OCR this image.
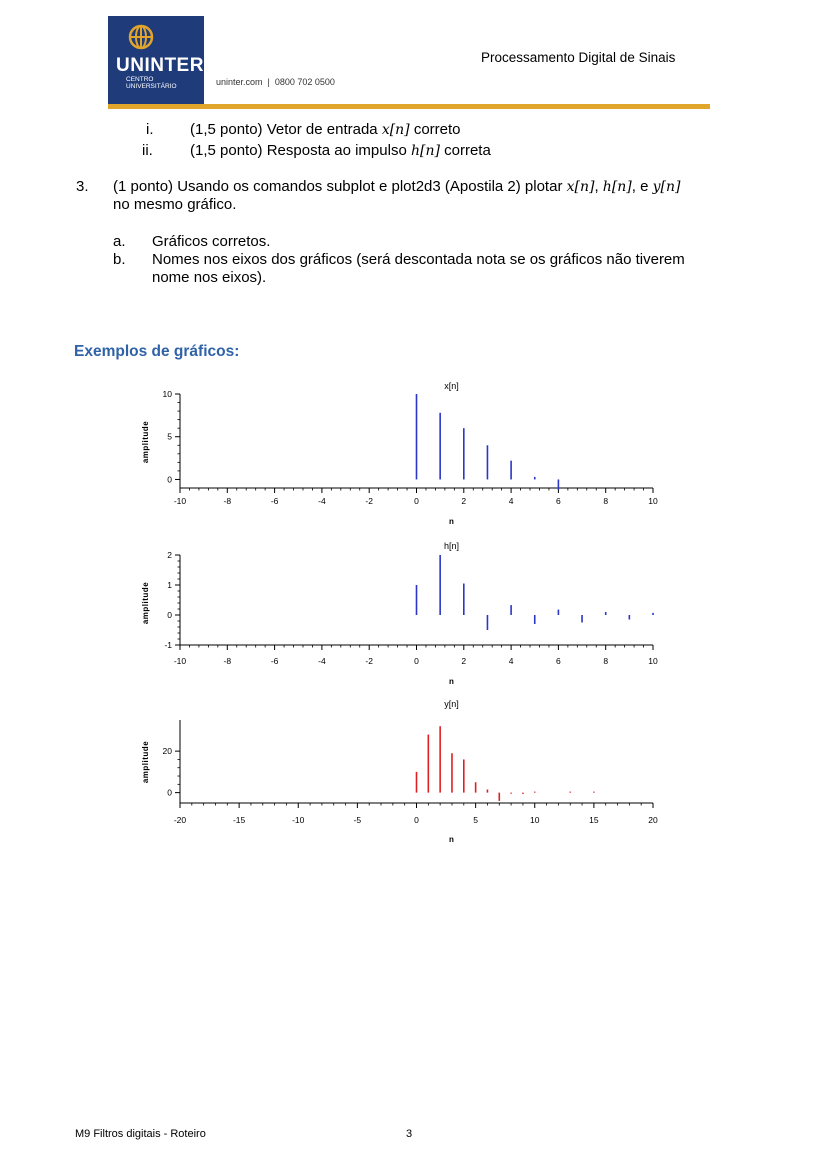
UNINTER
CENTRO
UNIVERSITÁRIO	uninter.com  |  0800 702 0500
Processamento Digital de Sinais
i. (1,5 ponto) Vetor de entrada x[n] correto
ii. (1,5 ponto) Resposta ao impulso h[n] correta
3. (1 ponto) Usando os comandos subplot e plot2d3 (Apostila 2) plotar x[n], h[n], e y[n]
no mesmo gráfico.
a. Gráficos corretos.
b. Nomes nos eixos dos gráficos (será descontada nota se os gráficos não tiverem
nome nos eixos).
Exemplos de gráficos:
x[n]
-10	-8	-6	-4	-2	0	2	4	6	8	10
0
5
10
n
amplitude
h[n]
-10	-8	-6	-4	-2	0	2	4	6	8	10
-1
0
1
2
n
amplitude
y[n]
-20	-15	-10	-5	0	5	10	15	20
0
20
n
amplitude
M9 Filtros digitais - Roteiro	3
